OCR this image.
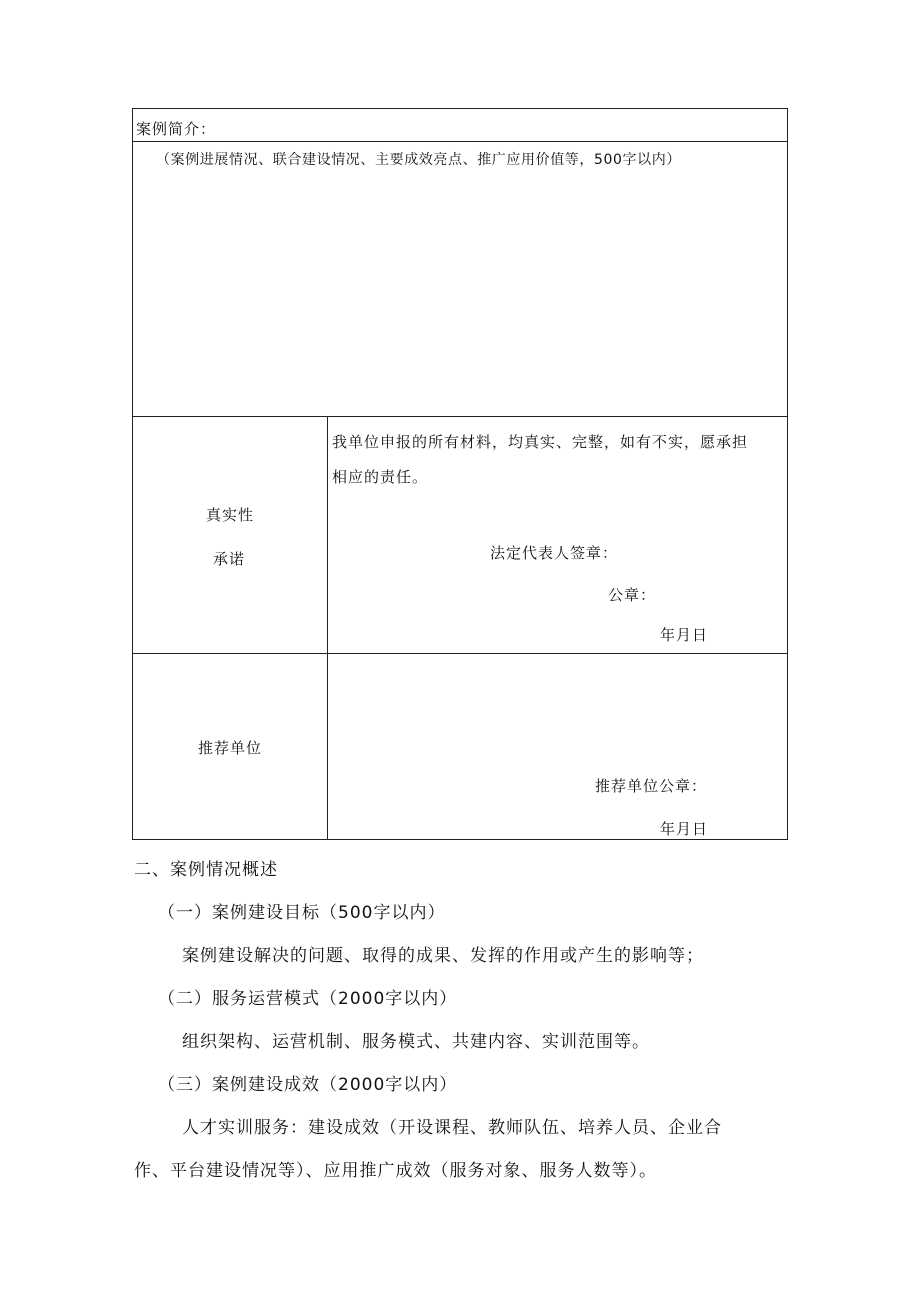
案例简介：
（案例进展情况、联合建设情况、主要成效亮点、推广应用价值等，500字以内）
真实性
承诺
我单位申报的所有材料，均真实、完整，如有不实，愿承担
相应的责任。
法定代表人签章：
公章：
年月日
推荐单位
推荐单位公章：
年月日
二、案例情况概述
（一）案例建设目标（500字以内）
案例建设解决的问题、取得的成果、发挥的作用或产生的影响等；
（二）服务运营模式（2000字以内）
组织架构、运营机制、服务模式、共建内容、实训范围等。
（三）案例建设成效（2000字以内）
人才实训服务：建设成效（开设课程、教师队伍、培养人员、企业合
作、平台建设情况等）、应用推广成效（服务对象、服务人数等）。
